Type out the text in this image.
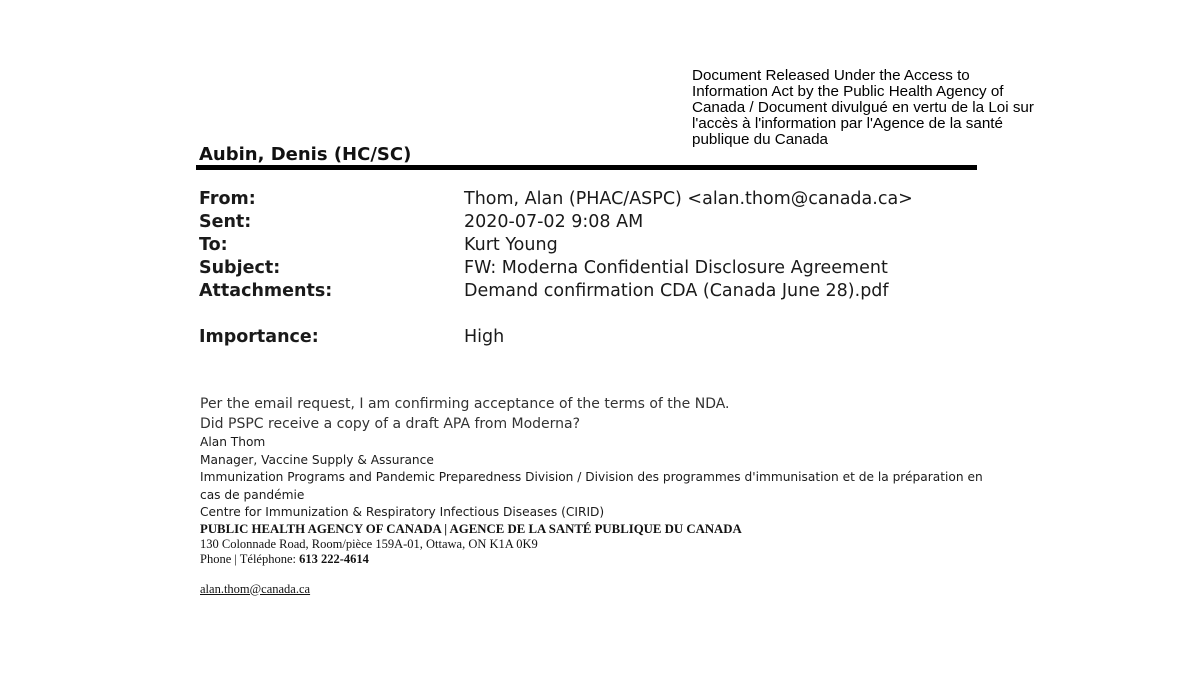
Document Released Under the Access to
Information Act by the Public Health Agency of
Canada / Document divulgué en vertu de la Loi sur
l'accès à l'information par l'Agence de la santé
publique du Canada
Aubin, Denis (HC/SC)
From:	Thom, Alan (PHAC/ASPC) <alan.thom@canada.ca>
Sent:	2020-07-02 9:08 AM
To:	Kurt Young
Subject:	FW: Moderna Confidential Disclosure Agreement
Attachments:	Demand confirmation CDA (Canada June 28).pdf
Importance:	High
Per the email request, I am confirming acceptance of the terms of the NDA.
Did PSPC receive a copy of a draft APA from Moderna?
Alan Thom
Manager, Vaccine Supply & Assurance
Immunization Programs and Pandemic Preparedness Division / Division des programmes d'immunisation et de la préparation en cas de pandémie
Centre for Immunization & Respiratory Infectious Diseases (CIRID)
PUBLIC HEALTH AGENCY OF CANADA | AGENCE DE LA SANTÉ PUBLIQUE DU CANADA
130 Colonnade Road, Room/pièce 159A-01, Ottawa, ON K1A 0K9
Phone | Téléphone: 613 222-4614
alan.thom@canada.ca
